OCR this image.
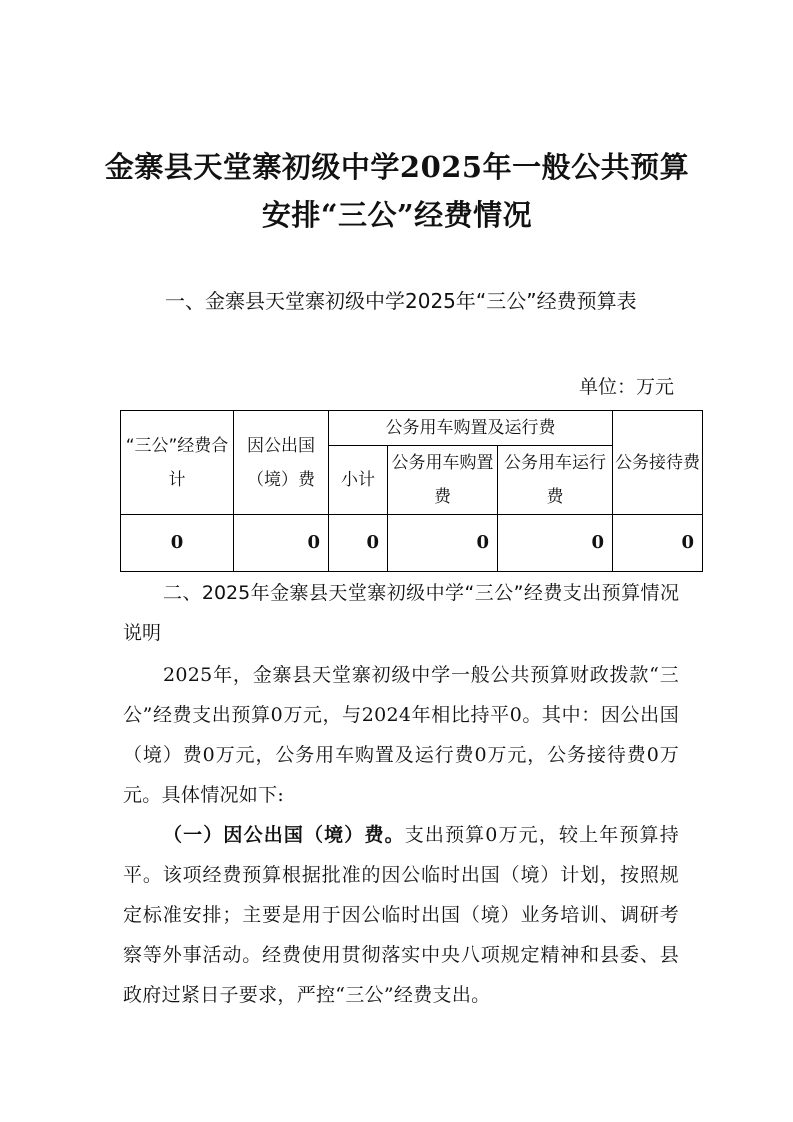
金寨县天堂寨初级中学2025年一般公共预算安排“三公”经费情况
一、金寨县天堂寨初级中学2025年“三公”经费预算表
单位：万元
“三公”经费合计	因公出国（境）费	公务用车购置及运行费			公务接待费
		小计	公务用车购置费	公务用车运行费	
0	0	0	0	0	0
二、2025年金寨县天堂寨初级中学“三公”经费支出预算情况说明
2025年，金寨县天堂寨初级中学一般公共预算财政拨款“三公”经费支出预算0万元，与2024年相比持平0。其中：因公出国（境）费0万元，公务用车购置及运行费0万元，公务接待费0万元。具体情况如下:
（一）因公出国（境）费。支出预算0万元，较上年预算持平。该项经费预算根据批准的因公临时出国（境）计划，按照规定标准安排；主要是用于因公临时出国（境）业务培训、调研考察等外事活动。经费使用贯彻落实中央八项规定精神和县委、县政府过紧日子要求，严控“三公”经费支出。
